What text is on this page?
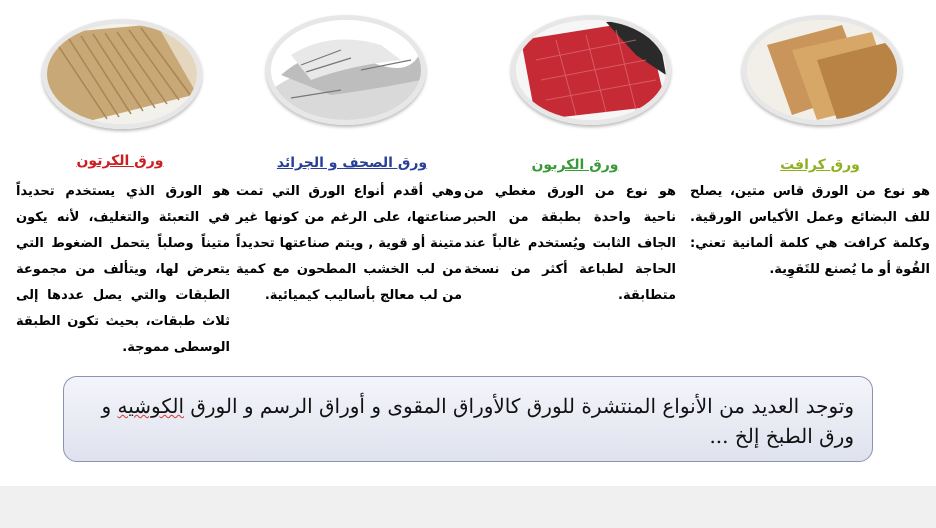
ورق كرافت
ورق الكربون
ورق الصحف و الجرائد
ورق الكرتون
هو نوع من الورق قاس متين، يصلح للف البضائع وعمل الأكياس الورقية. وكلمة كرافت هي كلمة ألمانية تعني: القُوة أو ما يُصنع للتَقوِية.
هو نوع من الورق مغطي من ناحية واحدة بطبقة من الحبر الجاف الثابت ويُستخدم غالباً عند الحاجة لطباعة أكثر من نسخة متطابقة.
وهي أقدم أنواع الورق التي تمت صناعتها، على الرغم من كونها غير متينة أو قوية , ويتم صناعتها تحديداً من لب الخشب المطحون مع كمية من لب معالج بأساليب كيميائية.
هو الورق الذي يستخدم تحديداً في التعبئة والتغليف، لأنه يكون متيناً وصلباً يتحمل الضغوط التي يتعرض لها، ويتألف من مجموعة الطبقات والتي يصل عددها إلى ثلاث طبقات، بحيث تكون الطبقة الوسطى مموجة.
وتوجد العديد من الأنواع المنتشرة للورق كالأوراق المقوى و أوراق الرسم و الورق الكوشيه و ورق الطبخ إلخ ...
